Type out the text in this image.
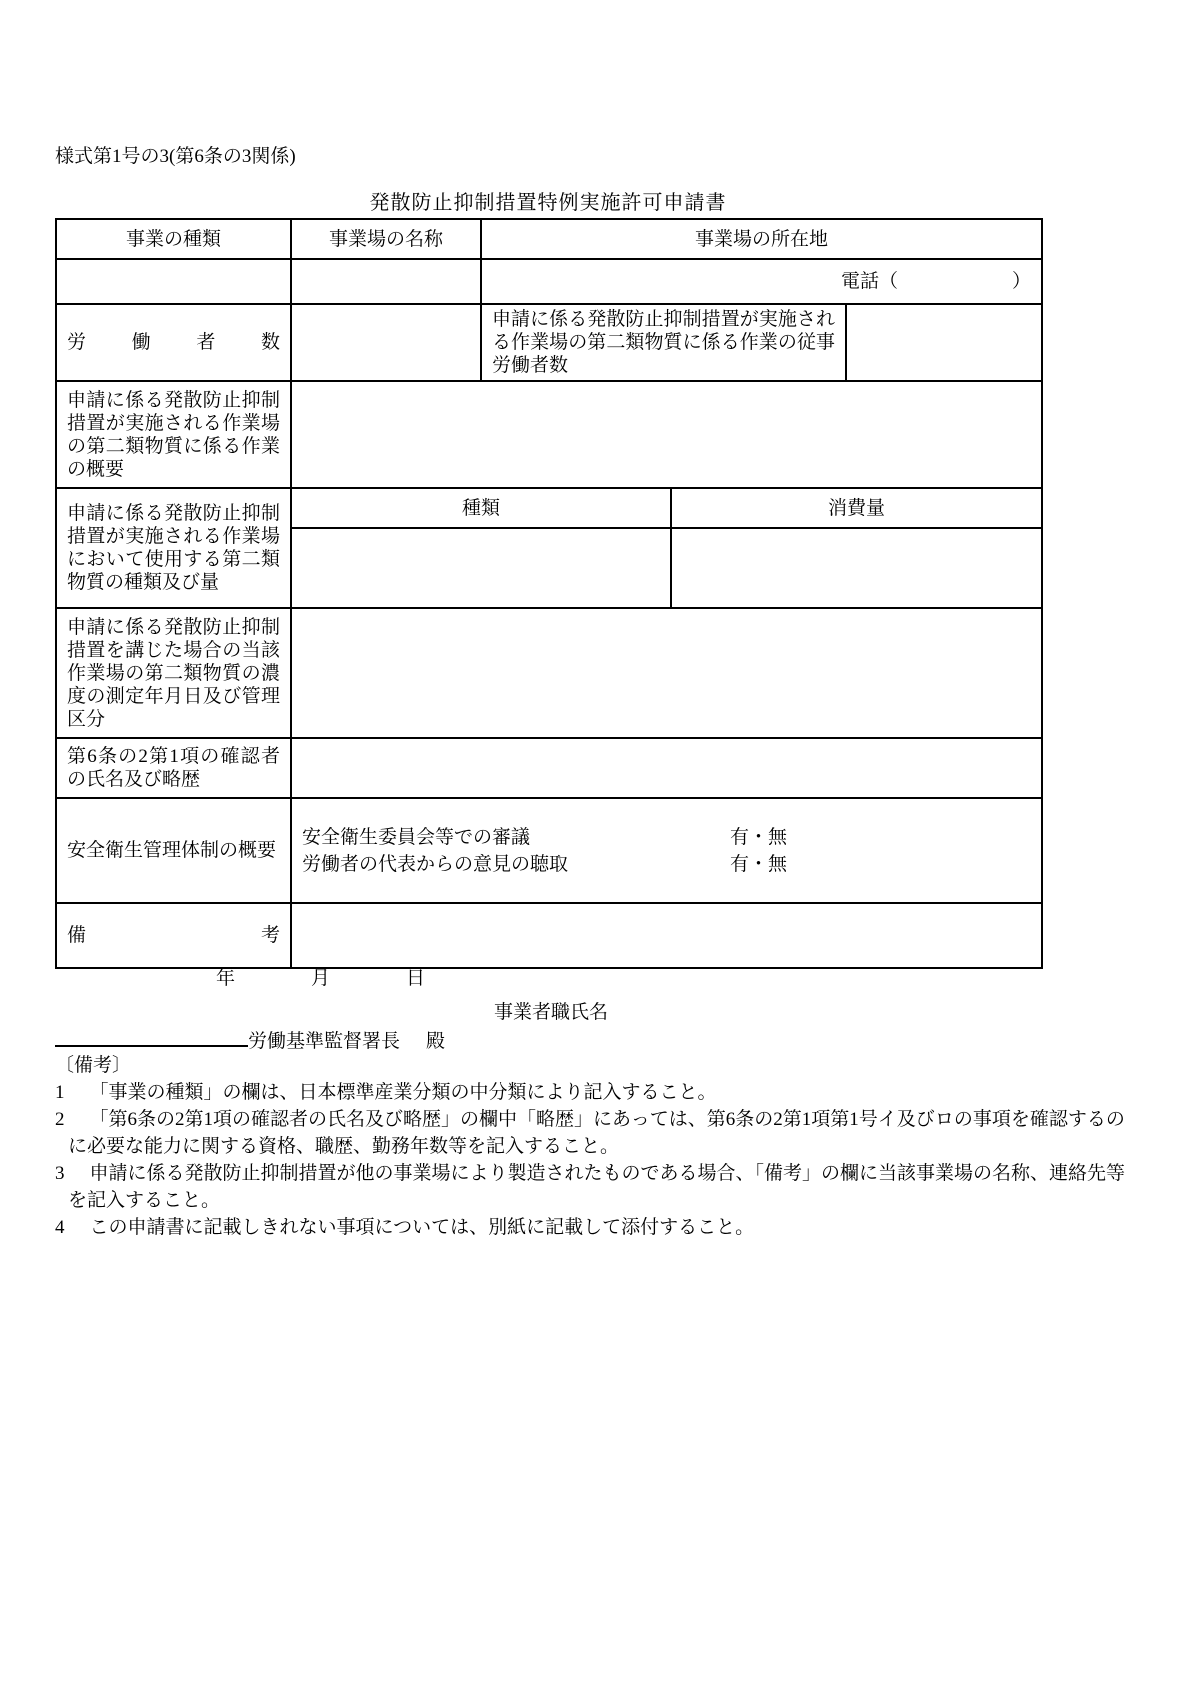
様式第1号の3(第6条の3関係)
発散防止抑制措置特例実施許可申請書
事業の種類	事業場の名称	事業場の所在地		
		電話（　　　　　　）		
労　　働　　者　　数		申請に係る発散防止抑制措置が実施される作業場の第二類物質に係る作業の従事労働者数		
申請に係る発散防止抑制措置が実施される作業場の第二類物質に係る作業の概要				
申請に係る発散防止抑制措置が実施される作業場において使用する第二類物質の種類及び量	種類		消費量	

申請に係る発散防止抑制措置を講じた場合の当該作業場の第二類物質の濃度の測定年月日及び管理区分				
第6条の2第1項の確認者の氏名及び略歴				
安全衛生管理体制の概要	安全衛生委員会等での審議 有・無
労働者の代表からの意見の聴取 有・無			

備　　　　　　　　考				
年　　　　月　　　　日
事業者職氏名
労働基準監督署長 殿
〔備考〕
1 「事業の種類」の欄は、日本標準産業分類の中分類により記入すること。
2 「第6条の2第1項の確認者の氏名及び略歴」の欄中「略歴」にあっては、第6条の2第1項第1号イ及びロの事項を確認するのに必要な能力に関する資格、職歴、勤務年数等を記入すること。
3 申請に係る発散防止抑制措置が他の事業場により製造されたものである場合、「備考」の欄に当該事業場の名称、連絡先等を記入すること。
4 この申請書に記載しきれない事項については、別紙に記載して添付すること。
